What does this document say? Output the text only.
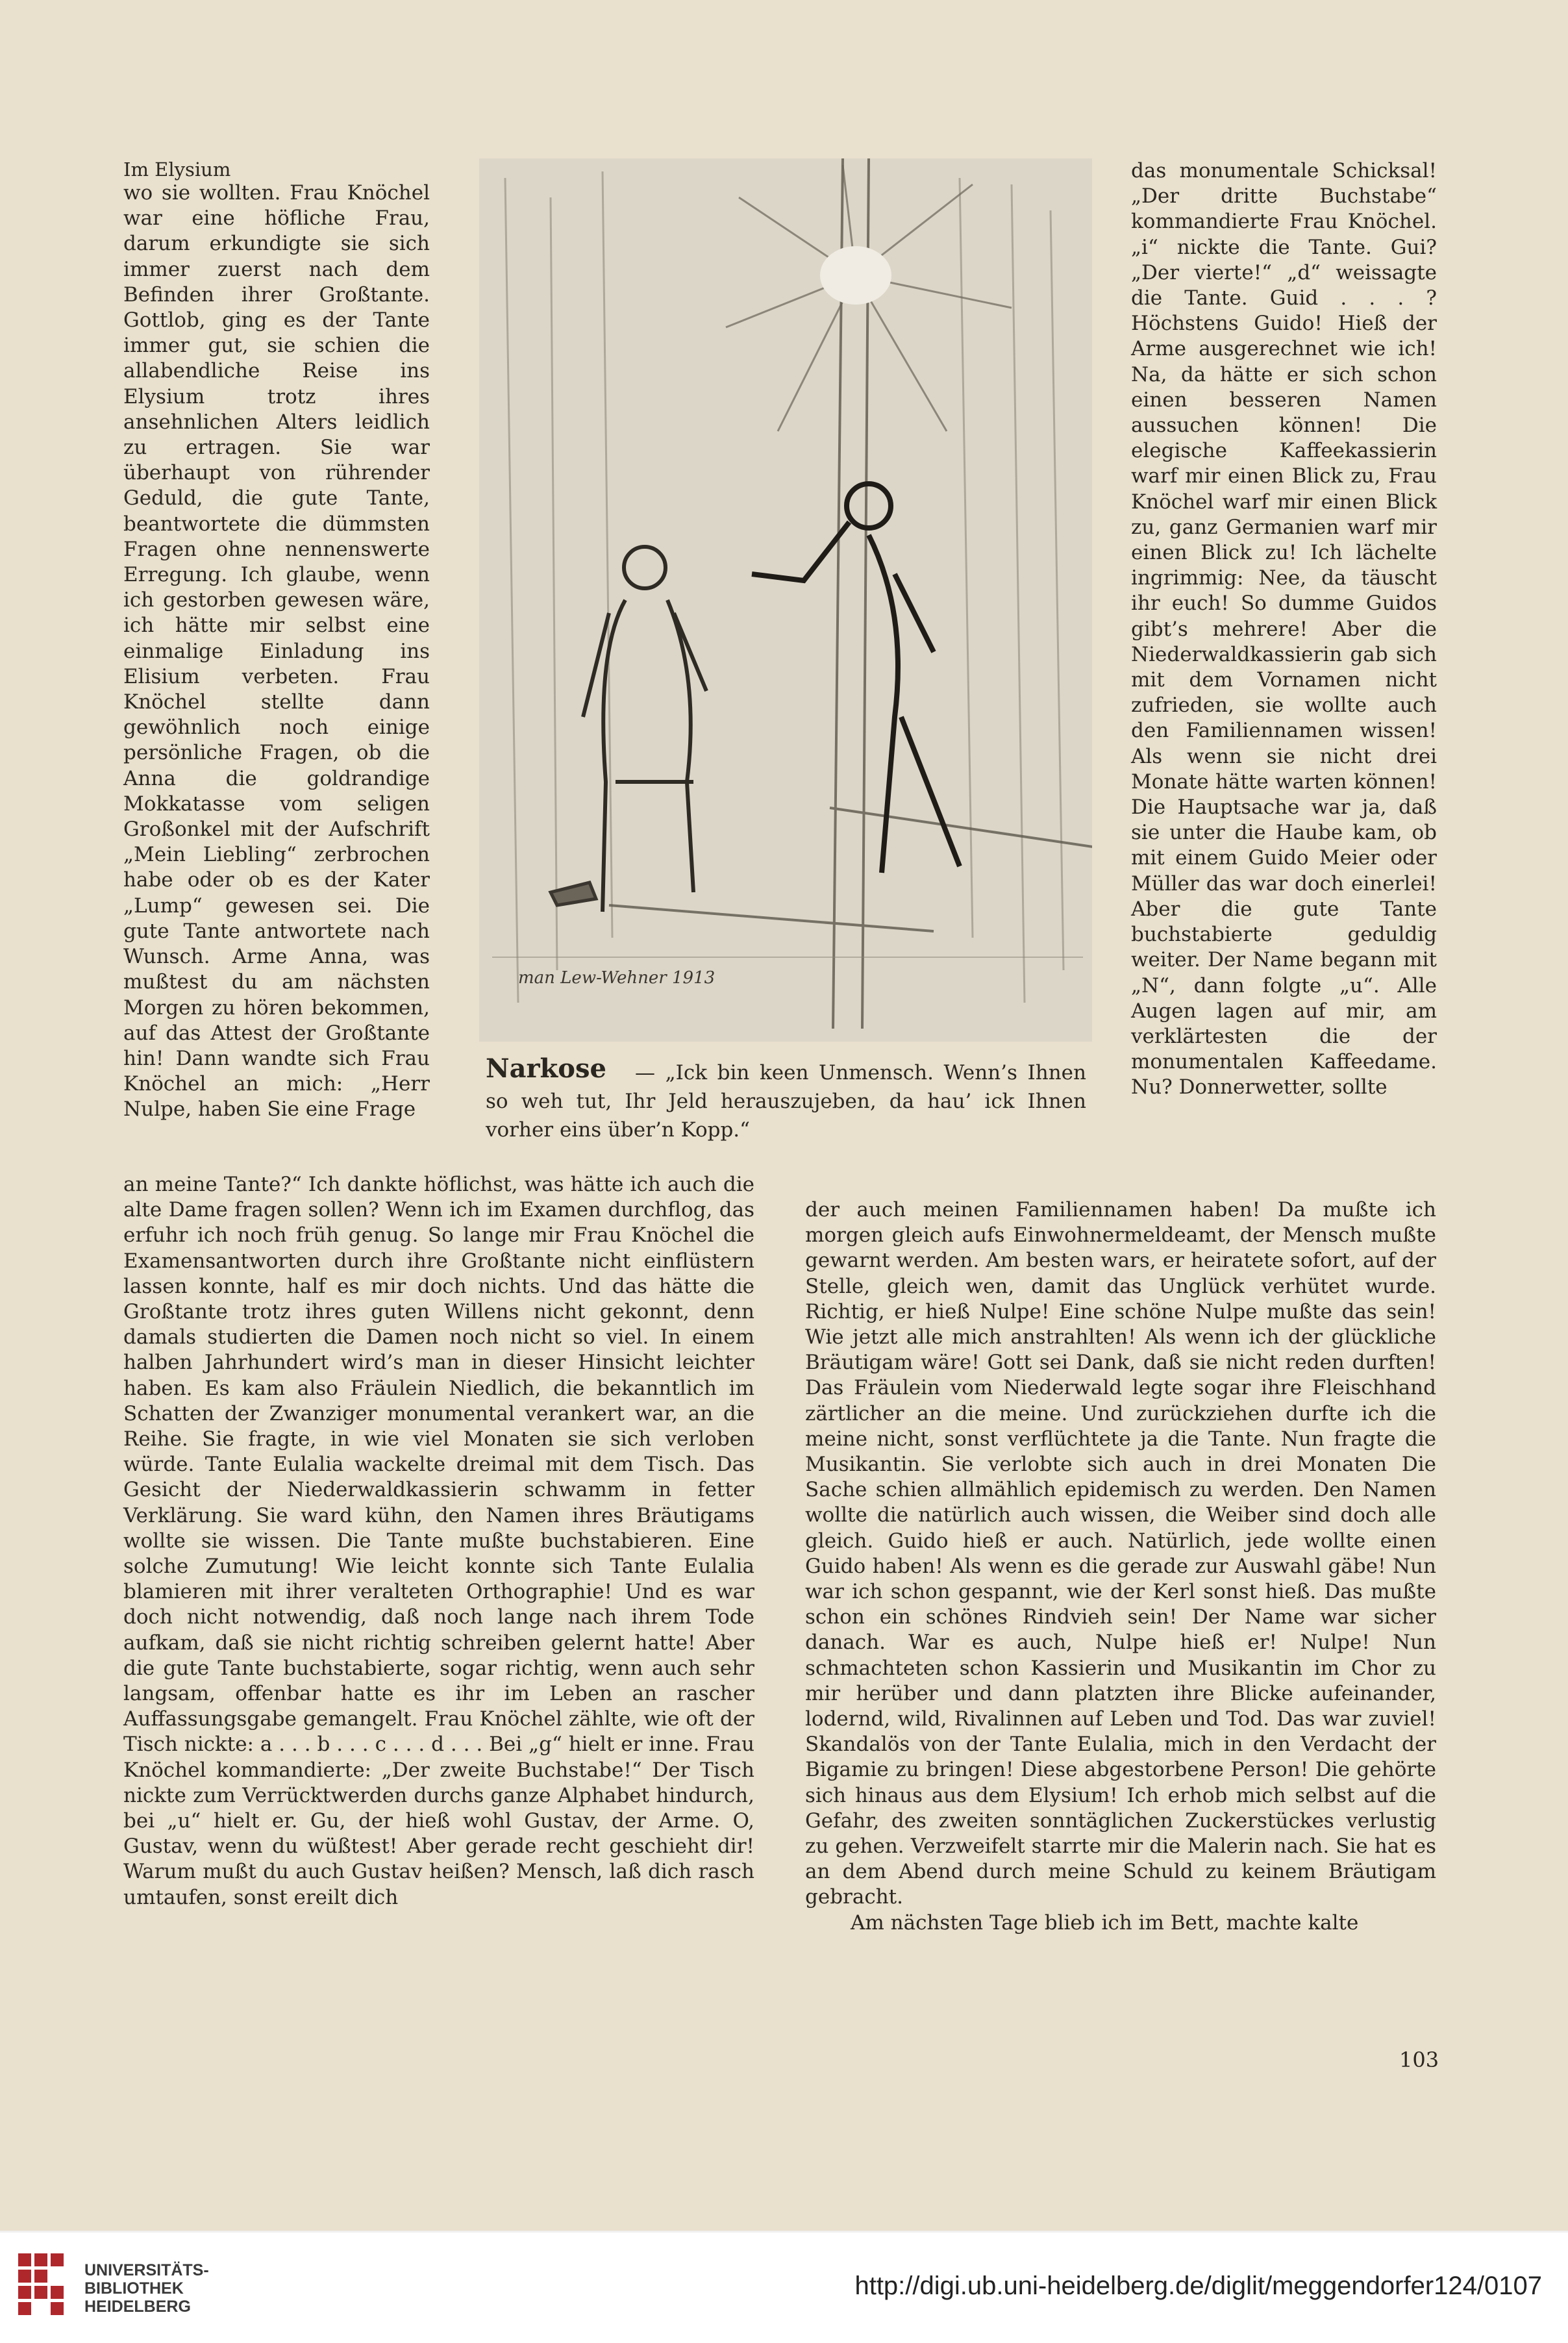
Im Elysium

wo sie wollten. Frau Knöchel war eine höfliche Frau, darum erkundigte sie sich immer zuerst nach dem Befinden ihrer Großtante. Gottlob, ging es der Tante immer gut, sie schien die allabendliche Reise ins Elysium trotz ihres ansehnlichen Alters leidlich zu ertragen. Sie war überhaupt von rührender Geduld, die gute Tante, beantwortete die dümmsten Fragen ohne nennenswerte Erregung. Ich glaube, wenn ich gestorben gewesen wäre, ich hätte mir selbst eine einmalige Einladung ins Elisium verbeten. Frau Knöchel stellte dann gewöhnlich noch einige persönliche Fragen, ob die Anna die goldrandige Mokkatasse vom seligen Großonkel mit der Aufschrift „Mein Liebling“ zerbrochen habe oder ob es der Kater „Lump“ gewesen sei. Die gute Tante antwortete nach Wunsch. Arme Anna, was mußtest du am nächsten Morgen zu hören bekommen, auf das Attest der Großtante hin! Dann wandte sich Frau Knöchel an mich: „Herr Nulpe, haben Sie eine Frage

an meine Tante?“ Ich dankte höflichst, was hätte ich auch die alte Dame fragen sollen? Wenn ich im Examen durchflog, das erfuhr ich noch früh genug. So lange mir Frau Knöchel die Examensantworten durch ihre Großtante nicht einflüstern lassen konnte, half es mir doch nichts. Und das hätte die Großtante trotz ihres guten Willens nicht gekonnt, denn damals studierten die Damen noch nicht so viel. In einem halben Jahrhundert wird’s man in dieser Hinsicht leichter haben. Es kam also Fräulein Niedlich, die bekanntlich im Schatten der Zwanziger monumental verankert war, an die Reihe. Sie fragte, in wie viel Monaten sie sich verloben würde. Tante Eulalia wackelte dreimal mit dem Tisch. Das Gesicht der Niederwaldkassierin schwamm in fetter Verklärung. Sie ward kühn, den Namen ihres Bräutigams wollte sie wissen. Die Tante mußte buchstabieren. Eine solche Zumutung! Wie leicht konnte sich Tante Eulalia blamieren mit ihrer veralteten Orthographie! Und es war doch nicht notwendig, daß noch lange nach ihrem Tode aufkam, daß sie nicht richtig schreiben gelernt hatte! Aber die gute Tante buchstabierte, sogar richtig, wenn auch sehr langsam, offenbar hatte es ihr im Leben an rascher Auffassungsgabe gemangelt. Frau Knöchel zählte, wie oft der Tisch nickte: a . . . b . . . c . . . d . . . Bei „g“ hielt er inne. Frau Knöchel kommandierte: „Der zweite Buchstabe!“ Der Tisch nickte zum Verrücktwerden durchs ganze Alphabet hindurch, bei „u“ hielt er. Gu, der hieß wohl Gustav, der Arme. O, Gustav, wenn du wüßtest! Aber gerade recht geschieht dir! Warum mußt du auch Gustav heißen? Mensch, laß dich rasch umtaufen, sonst ereilt dich

man Lew-Wehner 1913
Narkose	— „Ick bin keen Unmensch. Wenn’s Ihnen so weh tut, Ihr Jeld herauszujeben, da hau’ ick Ihnen vorher eins über’n Kopp.“

das monumentale Schicksal! „Der dritte Buchstabe“ kommandierte Frau Knöchel. „i“ nickte die Tante. Gui? „Der vierte!“ „d“ weissagte die Tante. Guid . . . ? Höchstens Guido! Hieß der Arme ausgerechnet wie ich! Na, da hätte er sich schon einen besseren Namen aussuchen können! Die elegische Kaffeekassierin warf mir einen Blick zu, Frau Knöchel warf mir einen Blick zu, ganz Germanien warf mir einen Blick zu! Ich lächelte ingrimmig: Nee, da täuscht ihr euch! So dumme Guidos gibt’s mehrere! Aber die Niederwaldkassierin gab sich mit dem Vornamen nicht zufrieden, sie wollte auch den Familiennamen wissen! Als wenn sie nicht drei Monate hätte warten können! Die Hauptsache war ja, daß sie unter die Haube kam, ob mit einem Guido Meier oder Müller das war doch einerlei! Aber die gute Tante buchstabierte geduldig weiter. Der Name begann mit „N“, dann folgte „u“. Alle Augen lagen auf mir, am verklärtesten die der monumentalen Kaffeedame. Nu? Donnerwetter, sollte

der auch meinen Familiennamen haben! Da mußte ich morgen gleich aufs Einwohnermeldeamt, der Mensch mußte gewarnt werden. Am besten wars, er heiratete sofort, auf der Stelle, gleich wen, damit das Unglück verhütet wurde. Richtig, er hieß Nulpe! Eine schöne Nulpe mußte das sein! Wie jetzt alle mich anstrahlten! Als wenn ich der glückliche Bräutigam wäre! Gott sei Dank, daß sie nicht reden durften! Das Fräulein vom Niederwald legte sogar ihre Fleischhand zärtlicher an die meine. Und zurückziehen durfte ich die meine nicht, sonst verflüchtete ja die Tante. Nun fragte die Musikantin. Sie verlobte sich auch in drei Monaten Die Sache schien allmählich epidemisch zu werden. Den Namen wollte die natürlich auch wissen, die Weiber sind doch alle gleich. Guido hieß er auch. Natürlich, jede wollte einen Guido haben! Als wenn es die gerade zur Auswahl gäbe! Nun war ich schon gespannt, wie der Kerl sonst hieß. Das mußte schon ein schönes Rindvieh sein! Der Name war sicher danach. War es auch, Nulpe hieß er! Nulpe! Nun schmachteten schon Kassierin und Musikantin im Chor zu mir herüber und dann platzten ihre Blicke aufeinander, lodernd, wild, Rivalinnen auf Leben und Tod. Das war zuviel! Skandalös von der Tante Eulalia, mich in den Verdacht der Bigamie zu bringen! Diese abgestorbene Person! Die gehörte sich hinaus aus dem Elysium! Ich erhob mich selbst auf die Gefahr, des zweiten sonntäglichen Zuckerstückes verlustig zu gehen. Verzweifelt starrte mir die Malerin nach. Sie hat es an dem Abend durch meine Schuld zu keinem Bräutigam gebracht.

Am nächsten Tage blieb ich im Bett, machte kalte

103
UNIVERSITÄTS-
BIBLIOTHEK
HEIDELBERG
http://digi.ub.uni-heidelberg.de/diglit/meggendorfer124/0107
